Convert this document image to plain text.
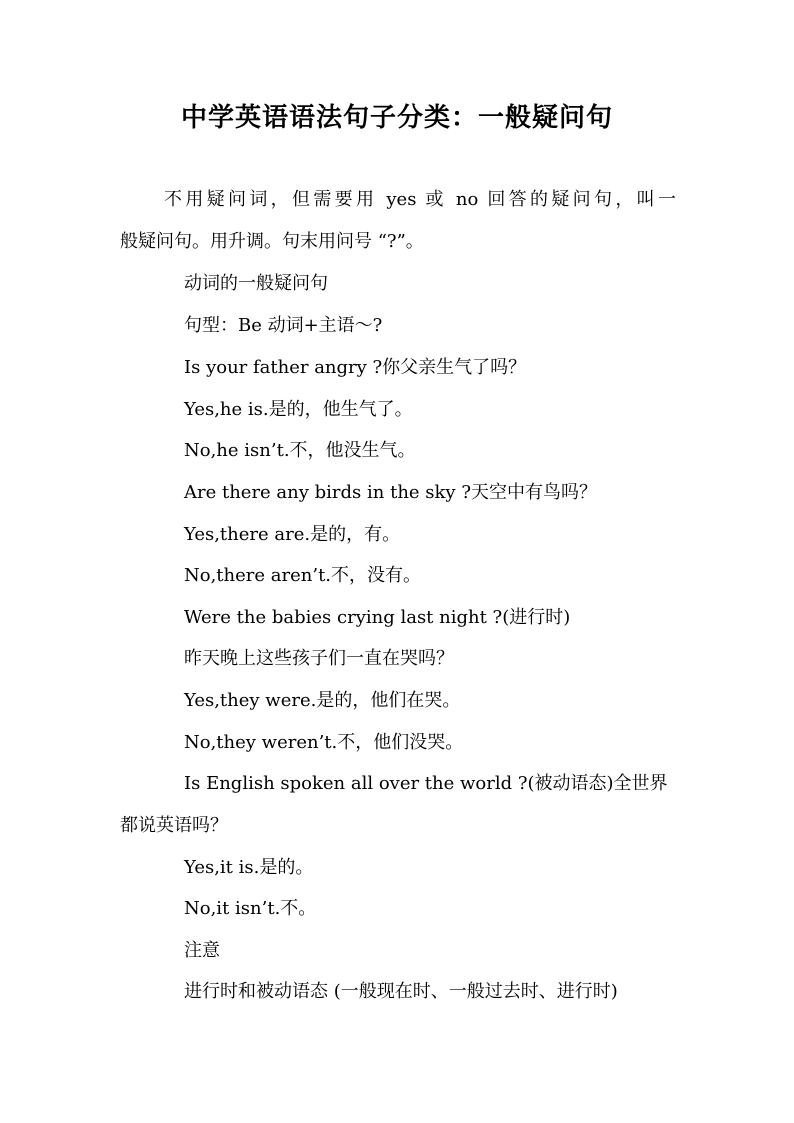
中学英语语法句子分类：一般疑问句
不用疑问词，但需要用 yes 或 no 回答的疑问句，叫一
般疑问句。用升调。句末用问号 “?”。
动词的一般疑问句
句型：Be 动词+主语～?
Is your father angry ?你父亲生气了吗？
Yes,he is.是的，他生气了。
No,he isn’t.不，他没生气。
Are there any birds in the sky ?天空中有鸟吗？
Yes,there are.是的，有。
No,there aren’t.不，没有。
Were the babies crying last night ?(进行时)
昨天晚上这些孩子们一直在哭吗？
Yes,they were.是的，他们在哭。
No,they weren’t.不，他们没哭。
Is English spoken all over the world ?(被动语态)全世界
都说英语吗？
Yes,it is.是的。
No,it isn’t.不。
注意
进行时和被动语态 (一般现在时、一般过去时、进行时)
